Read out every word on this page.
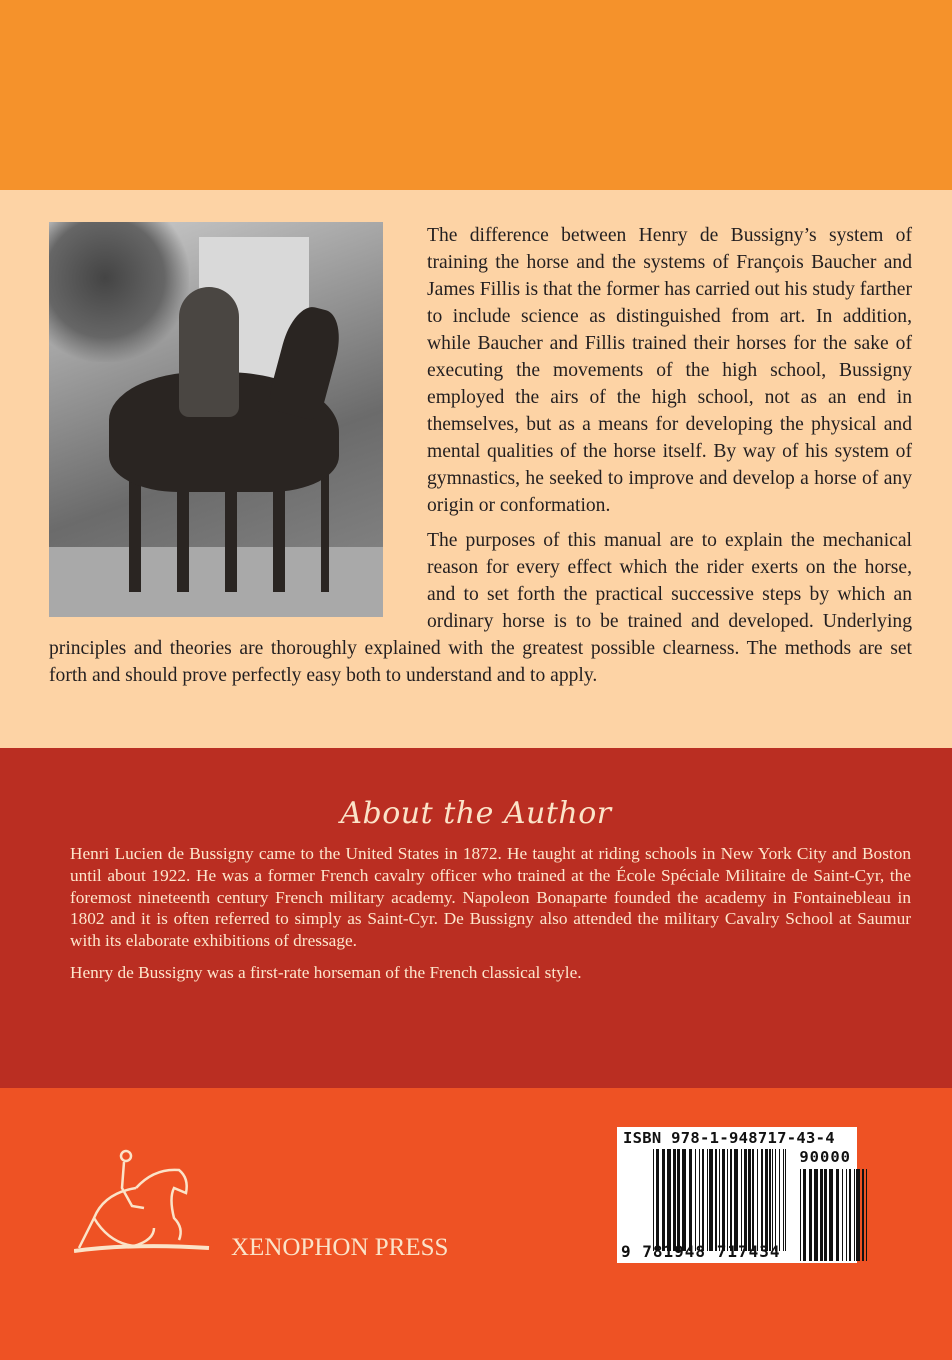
The difference between Henry de Bussigny’s system of training the horse and the systems of François Baucher and James Fillis is that the former has carried out his study farther to include science as distinguished from art. In addition, while Baucher and Fillis trained their horses for the sake of executing the movements of the high school, Bussigny employed the airs of the high school, not as an end in themselves, but as a means for developing the physical and mental qualities of the horse itself. By way of his system of gymnastics, he seeked to improve and develop a horse of any origin or conformation.

The purposes of this manual are to explain the mechanical reason for every effect which the rider exerts on the horse, and to set forth the practical successive steps by which an ordinary horse is to be trained and developed. Underlying principles and theories are thoroughly explained with the greatest possible clearness. The methods are set forth and should prove perfectly easy both to understand and to apply.

About the Author

Henri Lucien de Bussigny came to the United States in 1872. He taught at riding schools in New York City and Boston until about 1922. He was a former French cavalry officer who trained at the École Spéciale Militaire de Saint-Cyr, the foremost nineteenth century French military academy. Napoleon Bonaparte founded the academy in Fontainebleau in 1802 and it is often referred to simply as Saint-Cyr. De Bussigny also attended the military Cavalry School at Saumur with its elaborate exhibitions of dressage.

Henry de Bussigny was a first-rate horseman of the French classical style.

XENOPHON PRESS
ISBN 978-1-948717-43-4
90000
9 781948 717434
